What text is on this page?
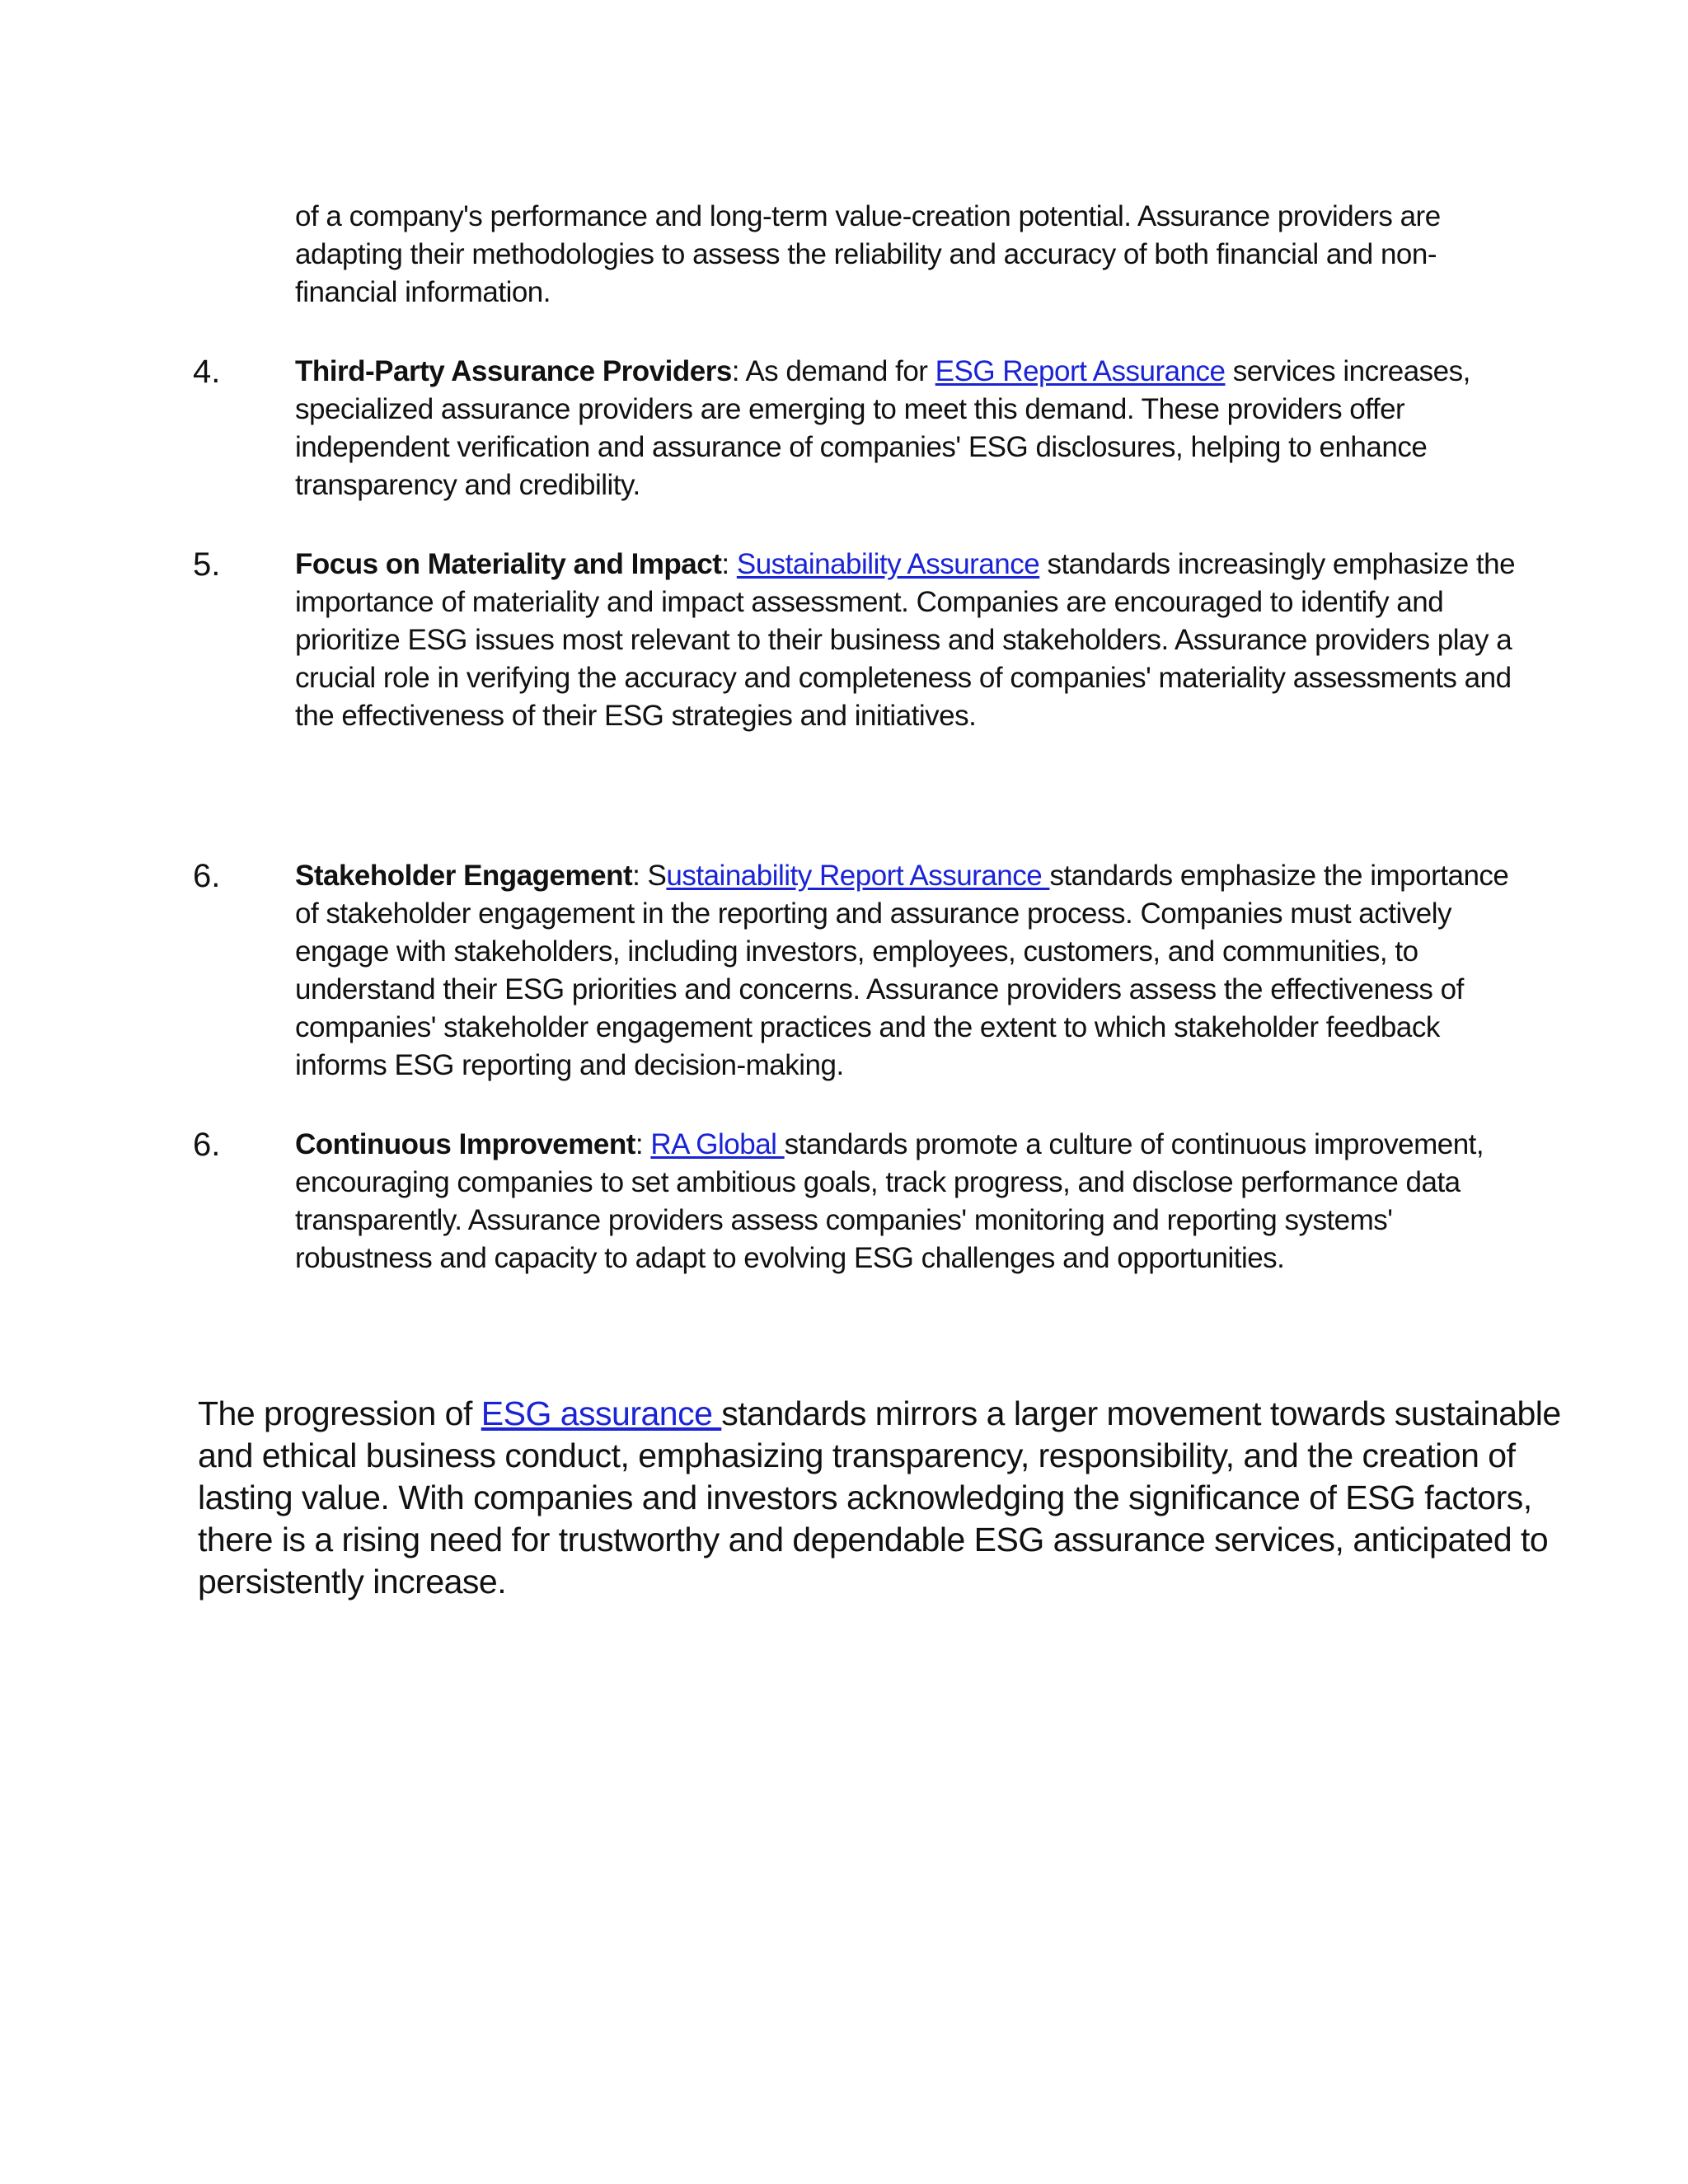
of a company's performance and long-term value-creation potential. Assurance providers are
adapting their methodologies to assess the reliability and accuracy of both financial and non-
financial information.
4.	Third-Party Assurance Providers: As demand for ESG Report Assurance services increases,
specialized assurance providers are emerging to meet this demand. These providers offer
independent verification and assurance of companies' ESG disclosures, helping to enhance
transparency and credibility.
5.	Focus on Materiality and Impact: Sustainability Assurance standards increasingly emphasize the
importance of materiality and impact assessment. Companies are encouraged to identify and
prioritize ESG issues most relevant to their business and stakeholders. Assurance providers play a
crucial role in verifying the accuracy and completeness of companies' materiality assessments and
the effectiveness of their ESG strategies and initiatives.
6.	Stakeholder Engagement: Sustainability Report Assurance standards emphasize the importance
of stakeholder engagement in the reporting and assurance process. Companies must actively
engage with stakeholders, including investors, employees, customers, and communities, to
understand their ESG priorities and concerns. Assurance providers assess the effectiveness of
companies' stakeholder engagement practices and the extent to which stakeholder feedback
informs ESG reporting and decision-making.
6.	Continuous Improvement: RA Global standards promote a culture of continuous improvement,
encouraging companies to set ambitious goals, track progress, and disclose performance data
transparently. Assurance providers assess companies' monitoring and reporting systems'
robustness and capacity to adapt to evolving ESG challenges and opportunities.
The progression of ESG assurance standards mirrors a larger movement towards sustainable
and ethical business conduct, emphasizing transparency, responsibility, and the creation of
lasting value. With companies and investors acknowledging the significance of ESG factors,
there is a rising need for trustworthy and dependable ESG assurance services, anticipated to
persistently increase.
